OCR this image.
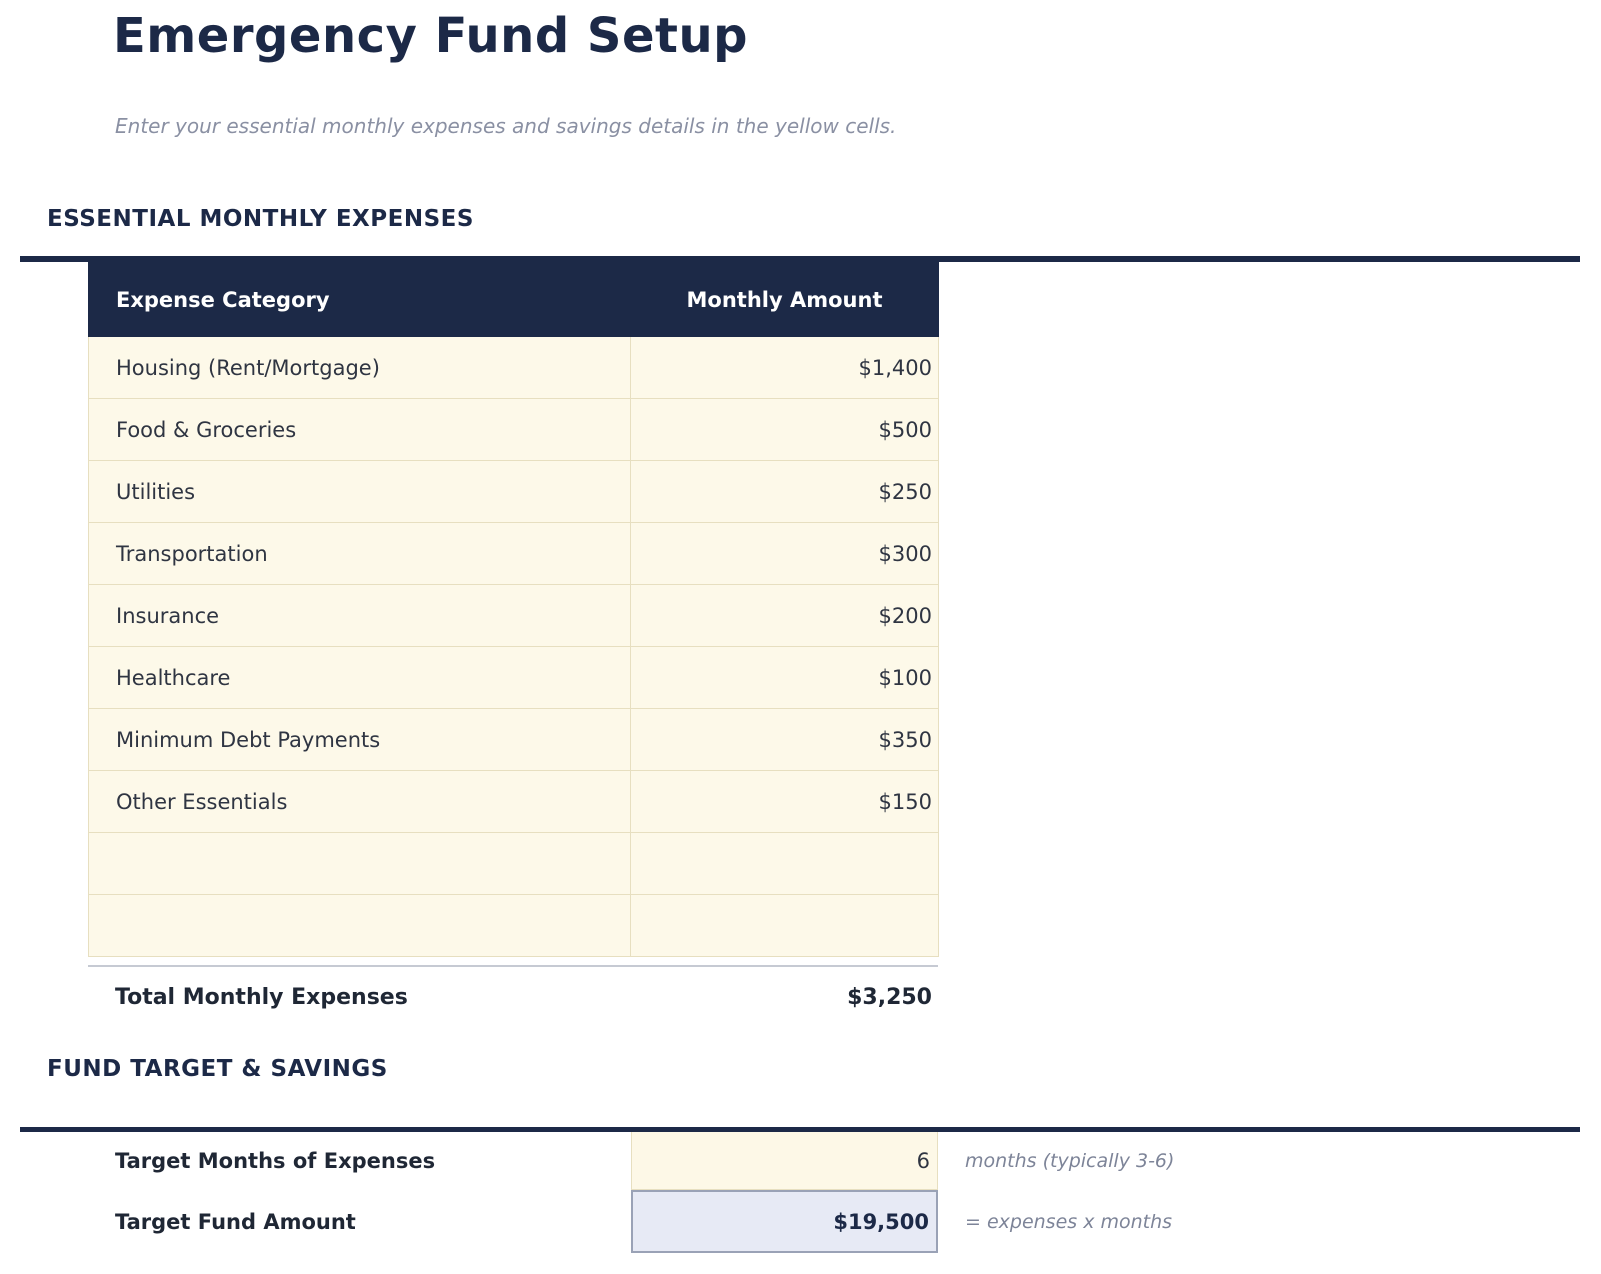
Emergency Fund Setup

Enter your essential monthly expenses and savings details in the yellow cells.

ESSENTIAL MONTHLY EXPENSES
Expense Category	Monthly Amount
Housing (Rent/Mortgage)	$1,400
Food & Groceries	$500
Utilities	$250
Transportation	$300
Insurance	$200
Healthcare	$100
Minimum Debt Payments	$350
Other Essentials	$150

Total Monthly Expenses	$3,250
FUND TARGET & SAVINGS
Target Months of Expenses	6	months (typically 3-6)
Target Fund Amount	$19,500	= expenses x months
